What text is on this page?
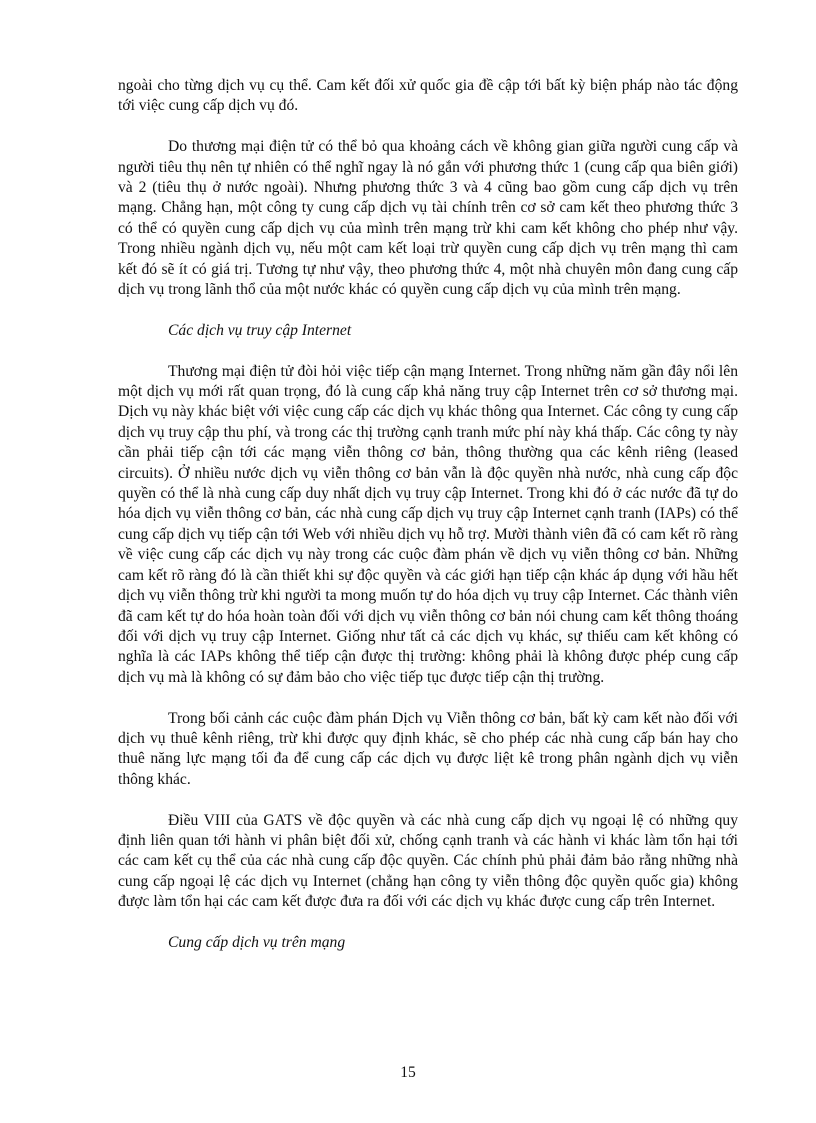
ngoài cho từng dịch vụ cụ thể. Cam kết đối xử quốc gia đề cập tới bất kỳ biện pháp nào tác động tới việc cung cấp dịch vụ đó.

Do thương mại điện tử có thể bỏ qua khoảng cách về không gian giữa người cung cấp và người tiêu thụ nên tự nhiên có thể nghĩ ngay là nó gắn với phương thức 1 (cung cấp qua biên giới) và 2 (tiêu thụ ở nước ngoài). Nhưng phương thức 3 và 4 cũng bao gồm cung cấp dịch vụ trên mạng. Chẳng hạn, một công ty cung cấp dịch vụ tài chính trên cơ sở cam kết theo phương thức 3 có thể có quyền cung cấp dịch vụ của mình trên mạng trừ khi cam kết không cho phép như vậy. Trong nhiều ngành dịch vụ, nếu một cam kết loại trừ quyền cung cấp dịch vụ trên mạng thì cam kết đó sẽ ít có giá trị. Tương tự như vậy, theo phương thức 4, một nhà chuyên môn đang cung cấp dịch vụ trong lãnh thổ của một nước khác có quyền cung cấp dịch vụ của mình trên mạng.

Các dịch vụ truy cập Internet

Thương mại điện tử đòi hỏi việc tiếp cận mạng Internet. Trong những năm gần đây nổi lên một dịch vụ mới rất quan trọng, đó là cung cấp khả năng truy cập Internet trên cơ sở thương mại. Dịch vụ này khác biệt với việc cung cấp các dịch vụ khác thông qua Internet. Các công ty cung cấp dịch vụ truy cập thu phí, và trong các thị trường cạnh tranh mức phí này khá thấp. Các công ty này cần phải tiếp cận tới các mạng viễn thông cơ bản, thông thường qua các kênh riêng (leased circuits). Ở nhiều nước dịch vụ viễn thông cơ bản vẫn là độc quyền nhà nước, nhà cung cấp độc quyền có thể là nhà cung cấp duy nhất dịch vụ truy cập Internet. Trong khi đó ở các nước đã tự do hóa dịch vụ viễn thông cơ bản, các nhà cung cấp dịch vụ truy cập Internet cạnh tranh (IAPs) có thể cung cấp dịch vụ tiếp cận tới Web với nhiều dịch vụ hỗ trợ. Mười thành viên đã có cam kết rõ ràng về việc cung cấp các dịch vụ này trong các cuộc đàm phán về dịch vụ viễn thông cơ bản. Những cam kết rõ ràng đó là cần thiết khi sự độc quyền và các giới hạn tiếp cận khác áp dụng với hầu hết dịch vụ viễn thông trừ khi người ta mong muốn tự do hóa dịch vụ truy cập Internet. Các thành viên đã cam kết tự do hóa hoàn toàn đối với dịch vụ viễn thông cơ bản nói chung cam kết thông thoáng đối với dịch vụ truy cập Internet. Giống như tất cả các dịch vụ khác, sự thiếu cam kết không có nghĩa là các IAPs không thể tiếp cận được thị trường: không phải là không được phép cung cấp dịch vụ mà là không có sự đảm bảo cho việc tiếp tục được tiếp cận thị trường.

Trong bối cảnh các cuộc đàm phán Dịch vụ Viễn thông cơ bản, bất kỳ cam kết nào đối với dịch vụ thuê kênh riêng, trừ khi được quy định khác, sẽ cho phép các nhà cung cấp bán hay cho thuê năng lực mạng tối đa để cung cấp các dịch vụ được liệt kê trong phân ngành dịch vụ viễn thông khác.

Điều VIII của GATS về độc quyền và các nhà cung cấp dịch vụ ngoại lệ có những quy định liên quan tới hành vi phân biệt đối xử, chống cạnh tranh và các hành vi khác làm tổn hại tới các cam kết cụ thể của các nhà cung cấp độc quyền. Các chính phủ phải đảm bảo rằng những nhà cung cấp ngoại lệ các dịch vụ Internet (chẳng hạn công ty viễn thông độc quyền quốc gia) không được làm tổn hại các cam kết được đưa ra đối với các dịch vụ khác được cung cấp trên Internet.

Cung cấp dịch vụ trên mạng

15
